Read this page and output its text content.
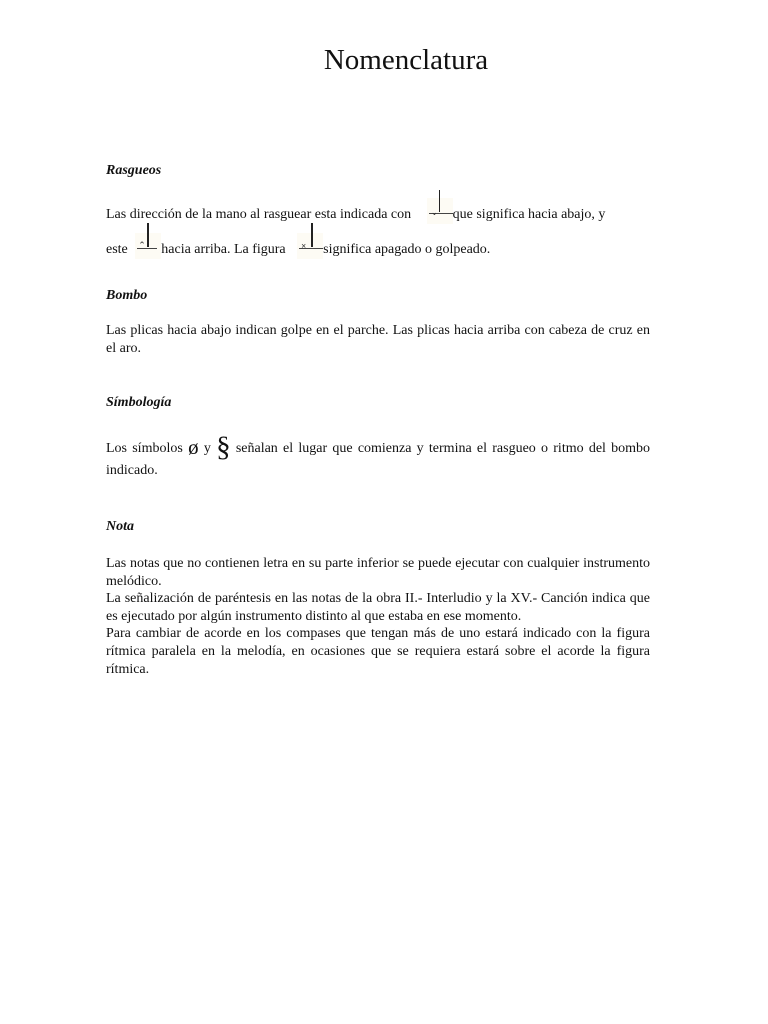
Nomenclatura
Rasgueos
Las dirección de la mano al rasguear esta indicada con ⌄ que significa hacia abajo, y
este ⌃ hacia arriba. La figura × significa apagado o golpeado.
Bombo
Las plicas hacia abajo indican golpe en el parche. Las plicas hacia arriba con cabeza de cruz en el aro.
Símbología
Los símbolos ø y § señalan el lugar que comienza y termina el rasgueo o ritmo del bombo indicado.
Nota
Las notas que no contienen letra en su parte inferior se puede ejecutar con cualquier instrumento melódico.
La señalización de paréntesis en las notas de la obra II.- Interludio y la XV.- Canción indica que es ejecutado por algún instrumento distinto al que estaba en ese momento.
Para cambiar de acorde en los compases que tengan más de uno estará indicado con la figura rítmica paralela en la melodía, en ocasiones que se requiera estará sobre el acorde la figura rítmica.
